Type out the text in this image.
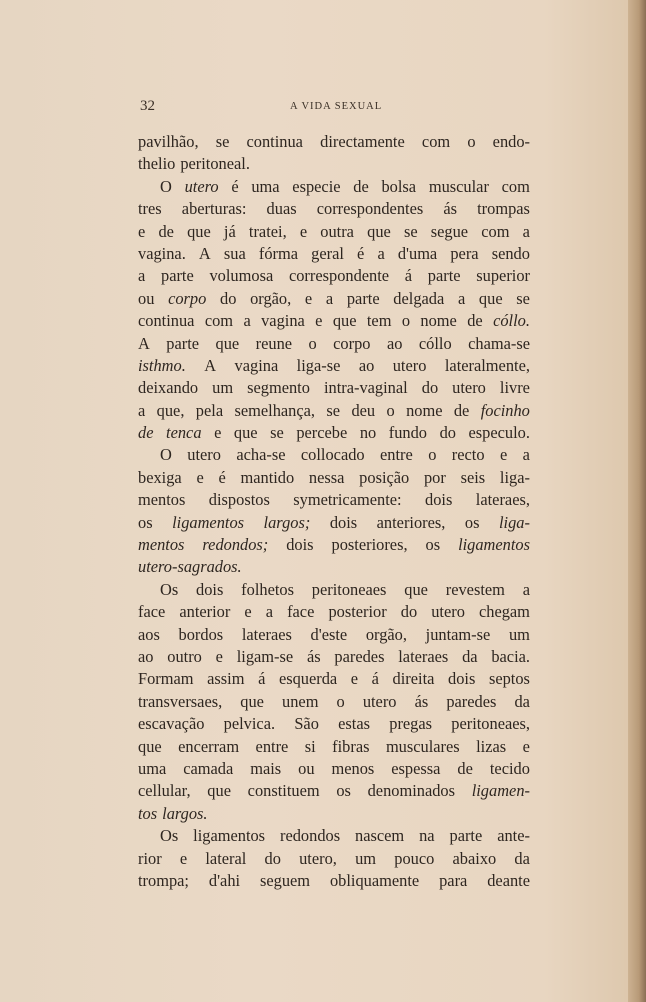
32	A VIDA SEXUAL
pavilhão, se continua directamente com o endo-
thelio peritoneal.
O utero é uma especie de bolsa muscular com
tres aberturas: duas correspondentes ás trompas
e de que já tratei, e outra que se segue com a
vagina. A sua fórma geral é a d'uma pera sendo
a parte volumosa correspondente á parte superior
ou corpo do orgão, e a parte delgada a que se
continua com a vagina e que tem o nome de cóllo.
A parte que reune o corpo ao cóllo chama-se
isthmo. A vagina liga-se ao utero lateralmente,
deixando um segmento intra-vaginal do utero livre
a que, pela semelhança, se deu o nome de focinho
de tenca e que se percebe no fundo do especulo.
O utero acha-se collocado entre o recto e a
bexiga e é mantido nessa posição por seis liga-
mentos dispostos symetricamente: dois lateraes,
os ligamentos largos; dois anteriores, os liga-
mentos redondos; dois posteriores, os ligamentos
utero-sagrados.
Os dois folhetos peritoneaes que revestem a
face anterior e a face posterior do utero chegam
aos bordos lateraes d'este orgão, juntam-se um
ao outro e ligam-se ás paredes lateraes da bacia.
Formam assim á esquerda e á direita dois septos
transversaes, que unem o utero ás paredes da
escavação pelvica. São estas pregas peritoneaes,
que encerram entre si fibras musculares lizas e
uma camada mais ou menos espessa de tecido
cellular, que constituem os denominados ligamen-
tos largos.
Os ligamentos redondos nascem na parte ante-
rior e lateral do utero, um pouco abaixo da
trompa; d'ahi seguem obliquamente para deante
